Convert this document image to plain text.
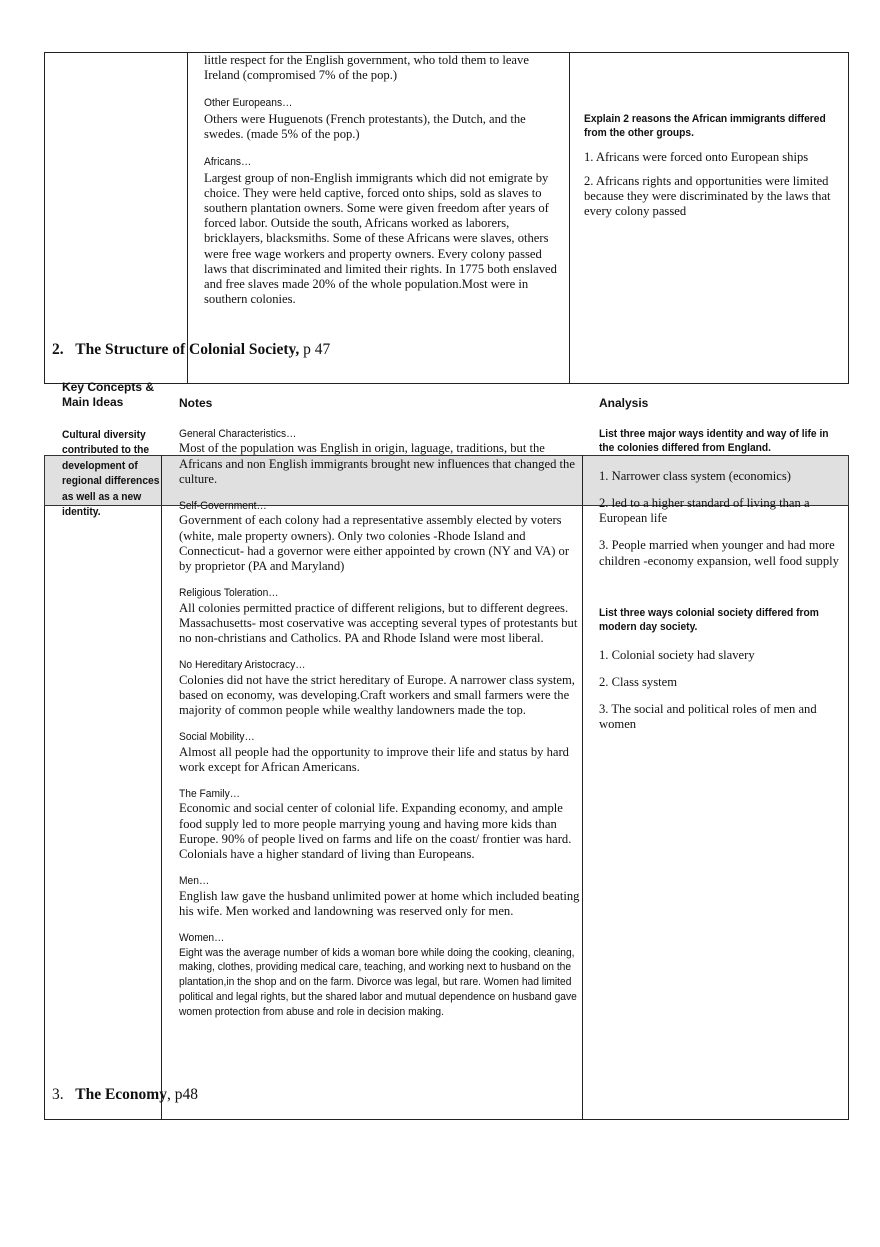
little respect for the English government, who told them to leave Ireland (compromised 7% of the pop.)

Other Europeans…

Others were Huguenots (French protestants), the Dutch, and the swedes. (made 5% of the pop.)

Africans…

Largest group of non-English immigrants which did not emigrate by choice. They were held captive, forced onto ships, sold as slaves to southern plantation owners. Some were given freedom after years of forced labor. Outside the south, Africans worked as laborers, bricklayers, blacksmiths. Some of these Africans were slaves, others were free wage workers and property owners. Every colony passed laws that discriminated and limited their rights. In 1775 both enslaved and free slaves made 20% of the whole population.Most were in southern colonies.

Explain 2 reasons the African immigrants differed from the other groups.
1. Africans were forced onto European ships
2. Africans rights and opportunities were limited because they were discriminated by the laws that every colony passed
2. The Structure of Colonial Society, p 47
Key Concepts & Main Ideas	Notes	Analysis
Cultural diversity contributed to the development of regional differences as well as a new identity.
General Characteristics…
Most of the population was English in origin, laguage, traditions, but the Africans and non English immigrants brought new influences that changed the culture.
Self-Government…
Government of each colony had a representative assembly elected by voters (white, male property owners). Only two colonies -Rhode Island and Connecticut- had a governor were either appointed by crown (NY and VA) or by proprietor (PA and Maryland)
Religious Toleration…
All colonies permitted practice of different religions, but to different degrees. Massachusetts- most coservative was accepting several types of protestants but no non-christians and Catholics. PA and Rhode Island were most liberal.
No Hereditary Aristocracy…
Colonies did not have the strict hereditary of Europe. A narrower class system, based on economy, was developing.Craft workers and small farmers were the majority of common people while wealthy landowners made the top.
Social Mobility…
Almost all people had the opportunity to improve their life and status by hard work except for African Americans.
The Family…
Economic and social center of colonial life. Expanding economy, and ample food supply led to more people marrying young and having more kids than Europe. 90% of people lived on farms and life on the coast/ frontier was hard. Colonials have a higher standard of living than Europeans.
Men…
English law gave the husband unlimited power at home which included beating his wife. Men worked and landowning was reserved only for men.
Women…
Eight was the average number of kids a woman bore while doing the cooking, cleaning, making, clothes, providing medical care, teaching, and working next to husband on the plantation,in the shop and on the farm. Divorce was legal, but rare. Women had limited political and legal rights, but the shared labor and mutual dependence on husband gave women protection from abuse and role in decision making.
List three major ways identity and way of life in the colonies differed from England.
1. Narrower class system (economics)
2. led to a higher standard of living than a European life
3. People married when younger and had more children -economy expansion, well food supply
List three ways colonial society differed from modern day society.
1. Colonial society had slavery
2. Class system
3. The social and political roles of men and women
3. The Economy, p48
